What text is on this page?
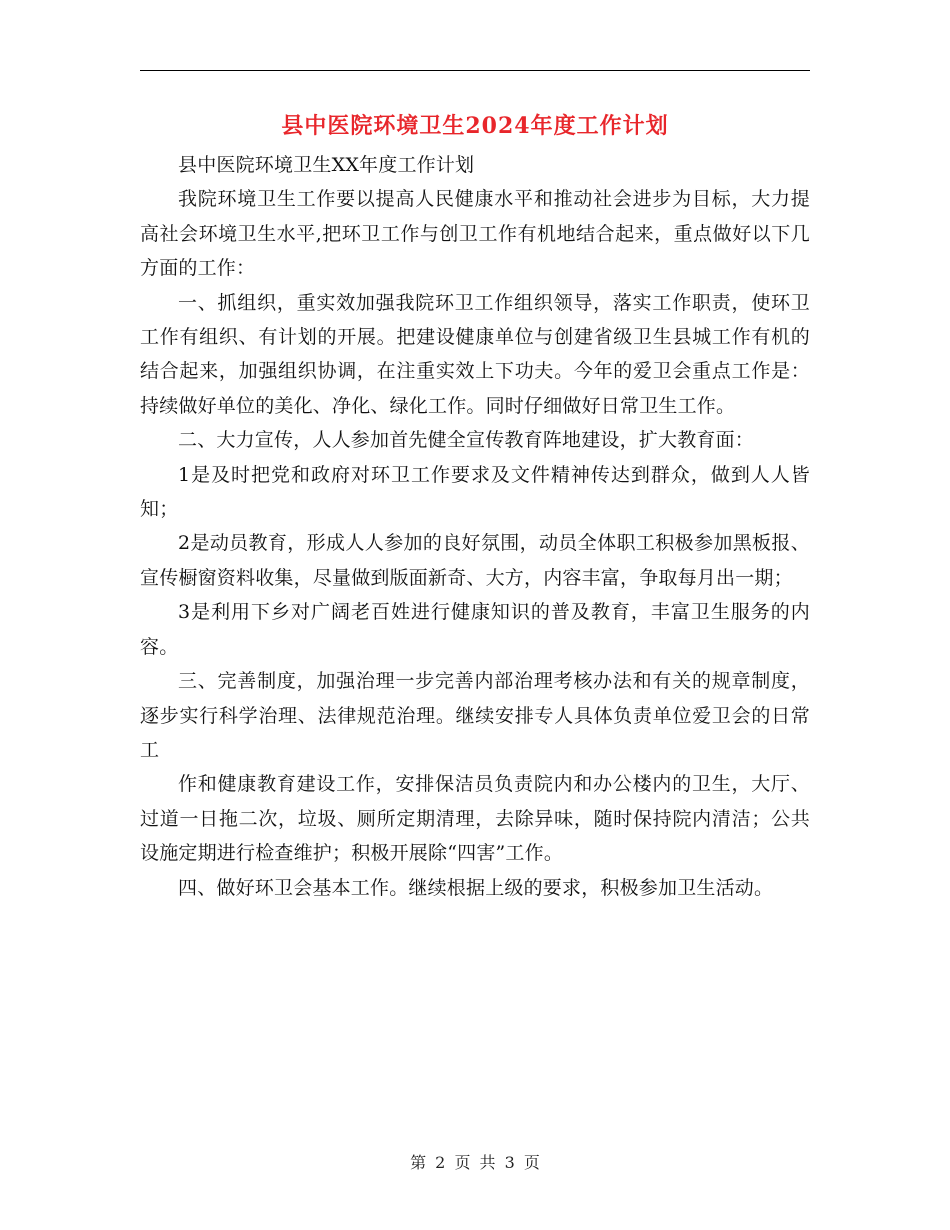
县中医院环境卫生2024年度工作计划

县中医院环境卫生XX年度工作计划

我院环境卫生工作要以提高人民健康水平和推动社会进步为目标，大力提高社会环境卫生水平,把环卫工作与创卫工作有机地结合起来，重点做好以下几方面的工作：

一、抓组织，重实效加强我院环卫工作组织领导，落实工作职责，使环卫工作有组织、有计划的开展。把建设健康单位与创建省级卫生县城工作有机的结合起来，加强组织协调，在注重实效上下功夫。今年的爱卫会重点工作是：持续做好单位的美化、净化、绿化工作。同时仔细做好日常卫生工作。

二、大力宣传，人人参加首先健全宣传教育阵地建设，扩大教育面：

1是及时把党和政府对环卫工作要求及文件精神传达到群众，做到人人皆知；

2是动员教育，形成人人参加的良好氛围，动员全体职工积极参加黑板报、宣传橱窗资料收集，尽量做到版面新奇、大方，内容丰富，争取每月出一期；

3是利用下乡对广阔老百姓进行健康知识的普及教育，丰富卫生服务的内容。

三、完善制度，加强治理一步完善内部治理考核办法和有关的规章制度，逐步实行科学治理、法律规范治理。继续安排专人具体负责单位爱卫会的日常工

作和健康教育建设工作，安排保洁员负责院内和办公楼内的卫生，大厅、过道一日拖二次，垃圾、厕所定期清理，去除异味，随时保持院内清洁；公共设施定期进行检查维护；积极开展除“四害”工作。

四、做好环卫会基本工作。继续根据上级的要求，积极参加卫生活动。

第 2 页 共 3 页
